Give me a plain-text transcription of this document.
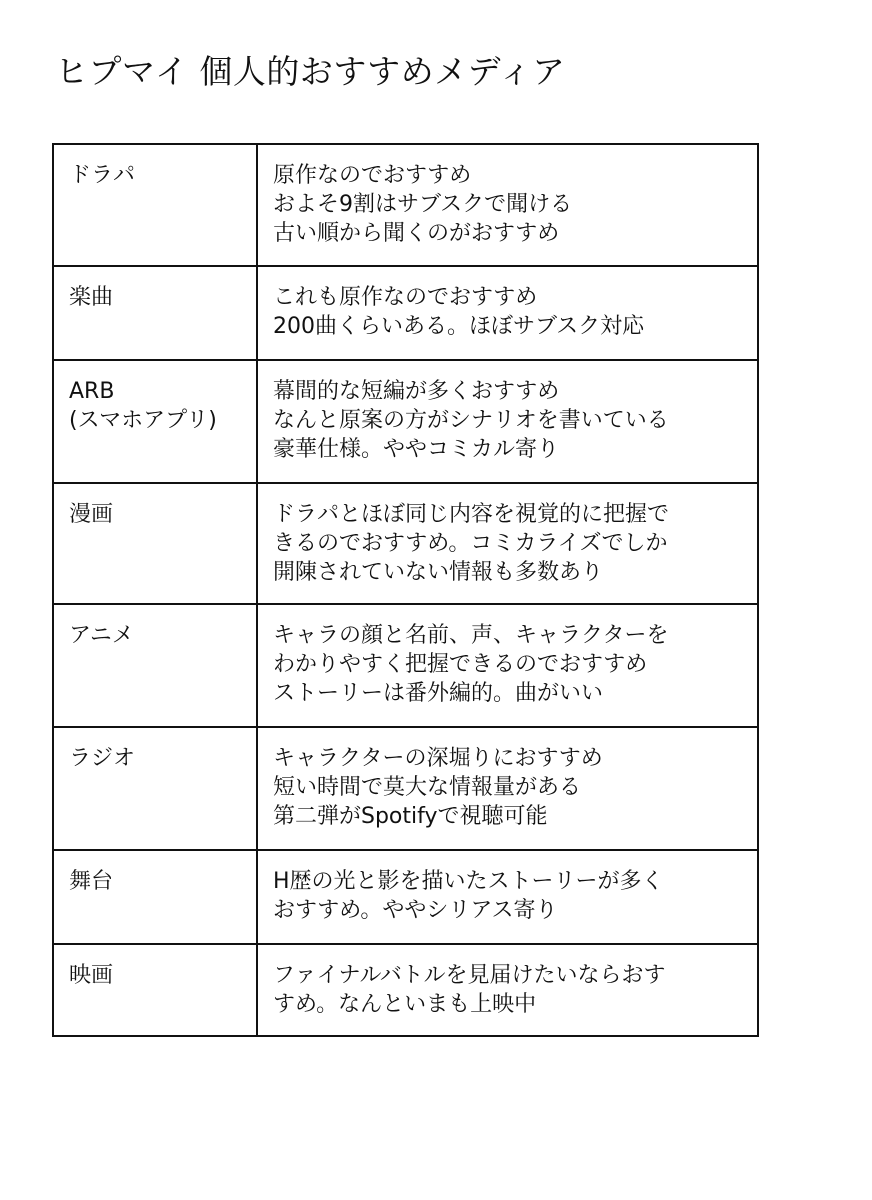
ヒプマイ 個人的おすすめメディア
ドラパ	原作なのでおすすめ
およそ9割はサブスクで聞ける
古い順から聞くのがおすすめ

楽曲	これも原作なのでおすすめ
200曲くらいある。ほぼサブスク対応

ARB
(スマホアプリ)	幕間的な短編が多くおすすめ
なんと原案の方がシナリオを書いている
豪華仕様。ややコミカル寄り

漫画	ドラパとほぼ同じ内容を視覚的に把握で
きるのでおすすめ。コミカライズでしか
開陳されていない情報も多数あり

アニメ	キャラの顔と名前、声、キャラクターを
わかりやすく把握できるのでおすすめ
ストーリーは番外編的。曲がいい

ラジオ	キャラクターの深堀りにおすすめ
短い時間で莫大な情報量がある
第二弾がSpotifyで視聴可能

舞台	H歴の光と影を描いたストーリーが多く
おすすめ。ややシリアス寄り

映画	ファイナルバトルを見届けたいならおす
すめ。なんといまも上映中
